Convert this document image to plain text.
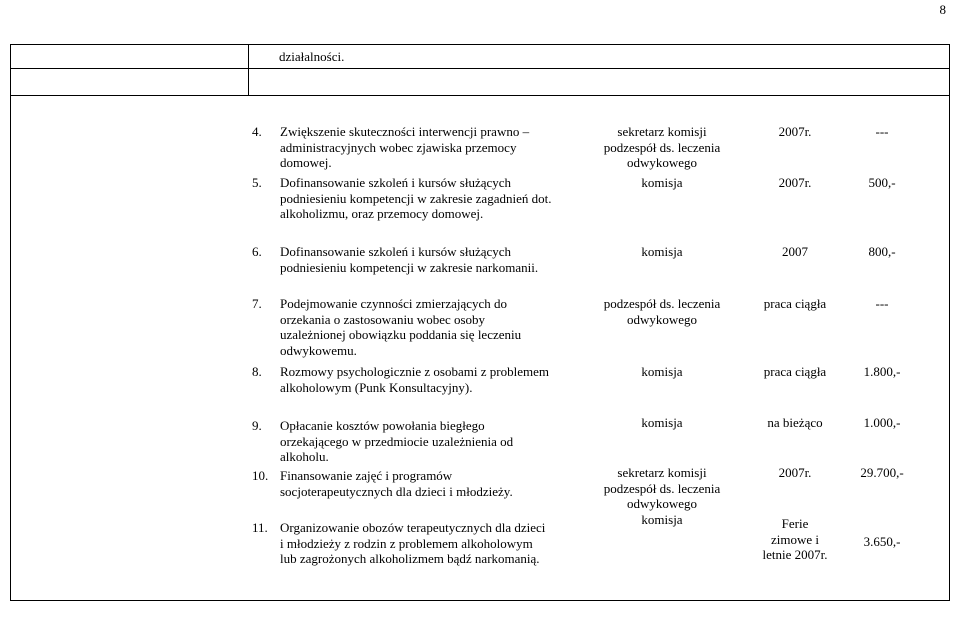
8
działalności.
4. Zwiększenie skuteczności interwencji prawno – administracyjnych wobec zjawiska przemocy domowej.
5. Dofinansowanie szkoleń i kursów służących podniesieniu kompetencji w zakresie zagadnień dot. alkoholizmu, oraz przemocy domowej.
6. Dofinansowanie szkoleń i kursów służących podniesieniu kompetencji w zakresie narkomanii.
7. Podejmowanie czynności zmierzających do orzekania o zastosowaniu wobec osoby uzależnionej obowiązku poddania się leczeniu odwykowemu.
8. Rozmowy psychologicznie z osobami z problemem alkoholowym (Punk Konsultacyjny).
9. Opłacanie kosztów powołania biegłego orzekającego w przedmiocie uzależnienia od alkoholu.
10. Finansowanie zajęć i programów socjoterapeutycznych dla dzieci i młodzieży.
11. Organizowanie obozów terapeutycznych dla dzieci i młodzieży z rodzin z problemem alkoholowym lub zagrożonych alkoholizmem bądź narkomanią.
sekretarz komisji
podzespół ds. leczenia
odwykowego
komisja
komisja
podzespół ds. leczenia
odwykowego
komisja
komisja
sekretarz komisji
podzespół ds. leczenia
odwykowego
komisja
2007r.
2007r.
2007
praca ciągła
praca ciągła
na bieżąco
2007r.
Ferie
zimowe i
letnie 2007r.
---
500,-
800,-
---
1.800,-
1.000,-
29.700,-
3.650,-
